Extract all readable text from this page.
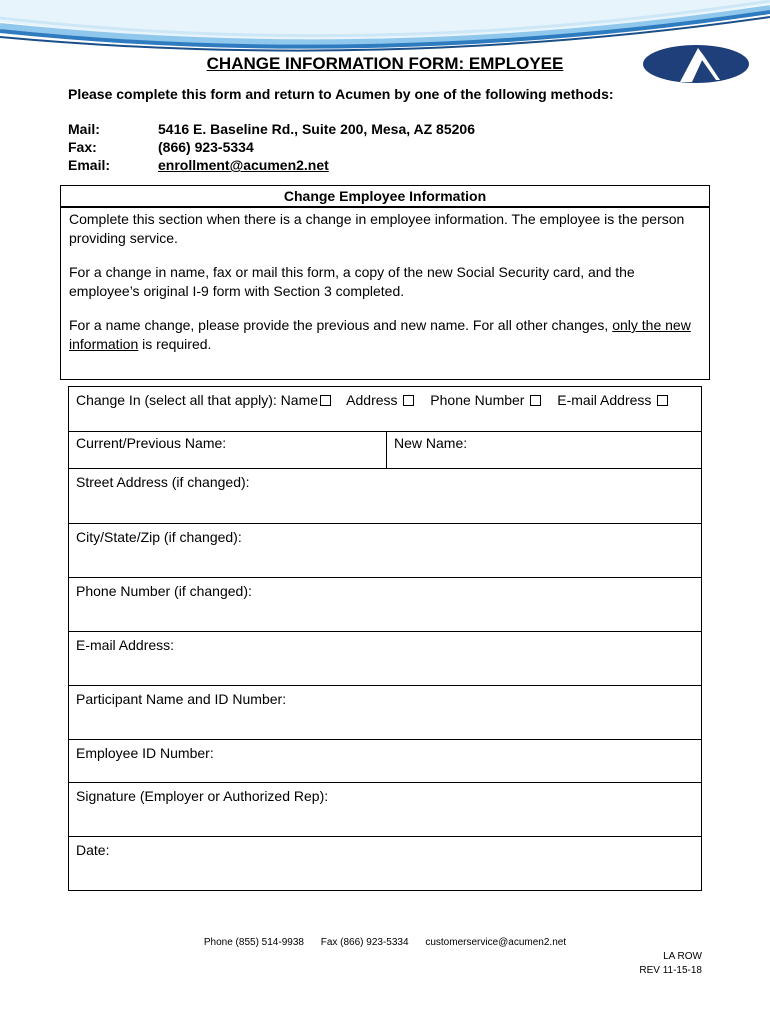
CHANGE INFORMATION FORM: EMPLOYEE
Please complete this form and return to Acumen by one of the following methods:
Mail:	5416 E. Baseline Rd., Suite 200, Mesa, AZ 85206
Fax:	(866) 923-5334
Email:	enrollment@acumen2.net
Change Employee Information

Complete this section when there is a change in employee information. The employee is the person providing service.

For a change in name, fax or mail this form, a copy of the new Social Security card, and the employee’s original I-9 form with Section 3 completed.

For a name change, please provide the previous and new name. For all other changes, only the new information is required.

Change In (select all that apply): Name Address Phone Number E-mail Address
Current/Previous Name:	New Name:
Street Address (if changed):
City/State/Zip (if changed):
Phone Number (if changed):
E-mail Address:
Participant Name and ID Number:
Employee ID Number:
Signature (Employer or Authorized Rep):
Date:
Phone (855) 514-9938 Fax (866) 923-5334 customerservice@acumen2.net
LA ROW
REV 11-15-18
